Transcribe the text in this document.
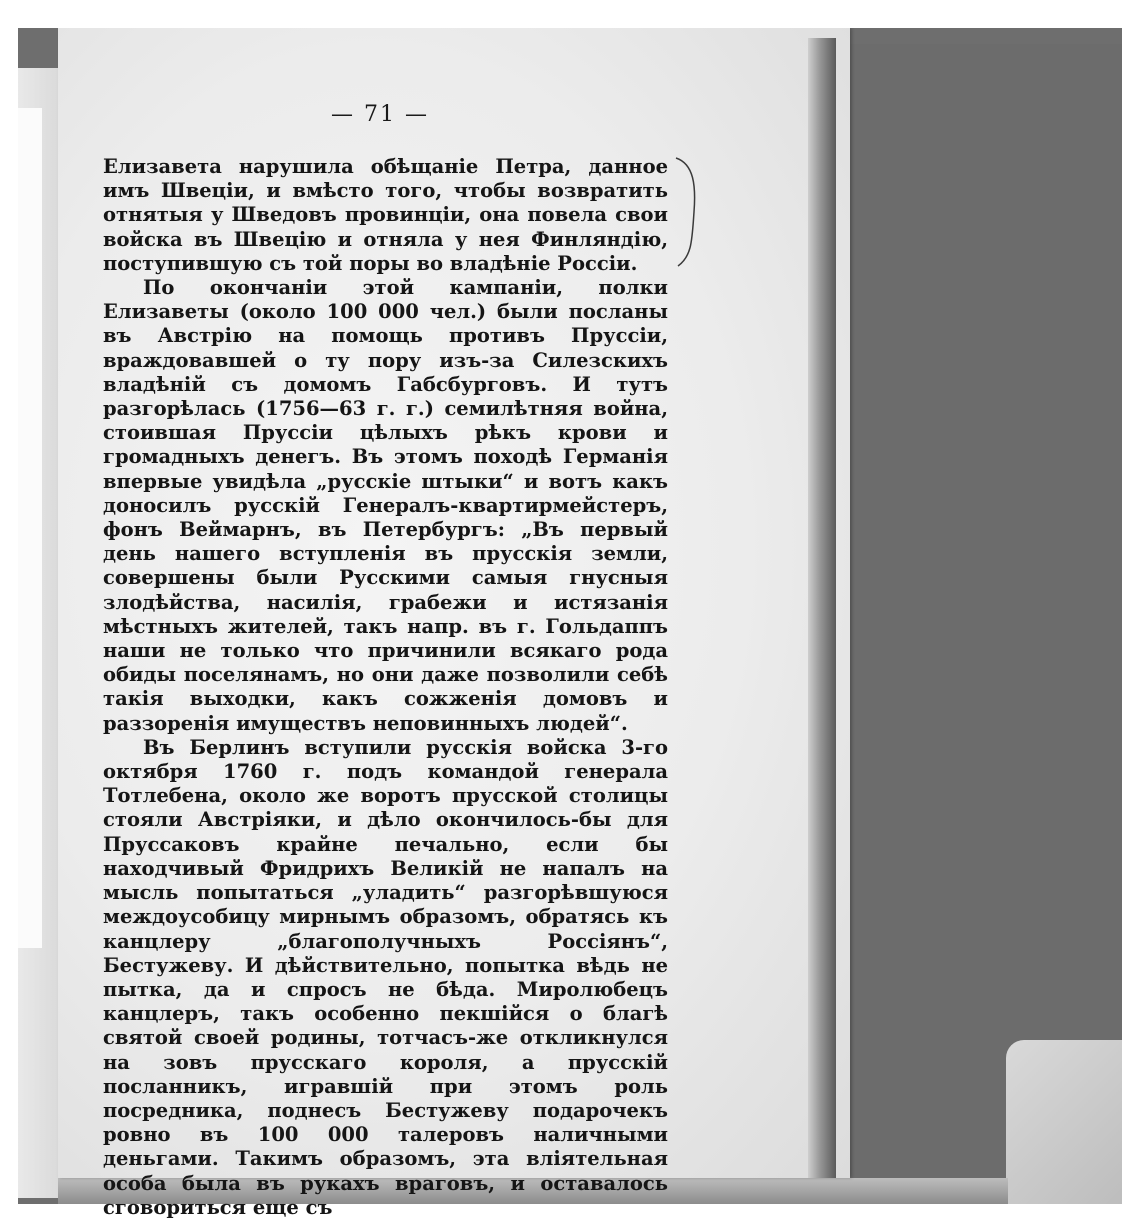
— 71 —

Елизавета нарушила обѣщаніе Петра, данное имъ Швеціи, и вмѣсто того, чтобы возвратить отнятыя у Шведовъ провинціи, она повела свои войска въ Швецію и отняла у нея Финляндію, поступившую съ той поры во владѣніе Россіи.

По окончаніи этой кампаніи, полки Елизаветы (около 100 000 чел.) были посланы въ Австрію на помощь противъ Пруссіи, враждовавшей о ту пору изъ-за Силезскихъ владѣній съ домомъ Габсбурговъ. И тутъ разгорѣлась (1756—63 г. г.) семилѣтняя война, стоившая Пруссіи цѣлыхъ рѣкъ крови и громадныхъ денегъ. Въ этомъ походѣ Германія впервые увидѣла „русскіе штыки“ и вотъ какъ доносилъ русскій Генералъ-квартирмейстеръ, фонъ Веймарнъ, въ Петербургъ: „Въ первый день нашего вступленія въ прусскія земли, совершены были Русскими самыя гнусныя злодѣйства, насилія, грабежи и истязанія мѣстныхъ жителей, такъ напр. въ г. Гольдаппъ наши не только что причинили всякаго рода обиды поселянамъ, но они даже позволили себѣ такія выходки, какъ сожженія домовъ и раззоренія имуществъ неповинныхъ людей“.

Въ Берлинъ вступили русскія войска 3-го октября 1760 г. подъ командой генерала Тотлебена, около же воротъ прусской столицы стояли Австріяки, и дѣло окончилось-бы для Пруссаковъ крайне печально, если бы находчивый Фридрихъ Великій не напалъ на мысль попытаться „уладить“ разгорѣвшуюся междоусобицу мирнымъ образомъ, обратясь къ канцлеру „благополучныхъ Россіянъ“, Бестужеву. И дѣйствительно, попытка вѣдь не пытка, да и спросъ не бѣда. Миролюбецъ канцлеръ, такъ особенно пекшійся о благѣ святой своей родины, тотчасъ-же откликнулся на зовъ прусскаго короля, а прусскій посланникъ, игравшій при этомъ роль посредника, поднесъ Бестужеву подарочекъ ровно въ 100 000 талеровъ наличными деньгами. Такимъ образомъ, эта вліятельная особа была въ рукахъ враговъ, и оставалось сговориться еще съ
